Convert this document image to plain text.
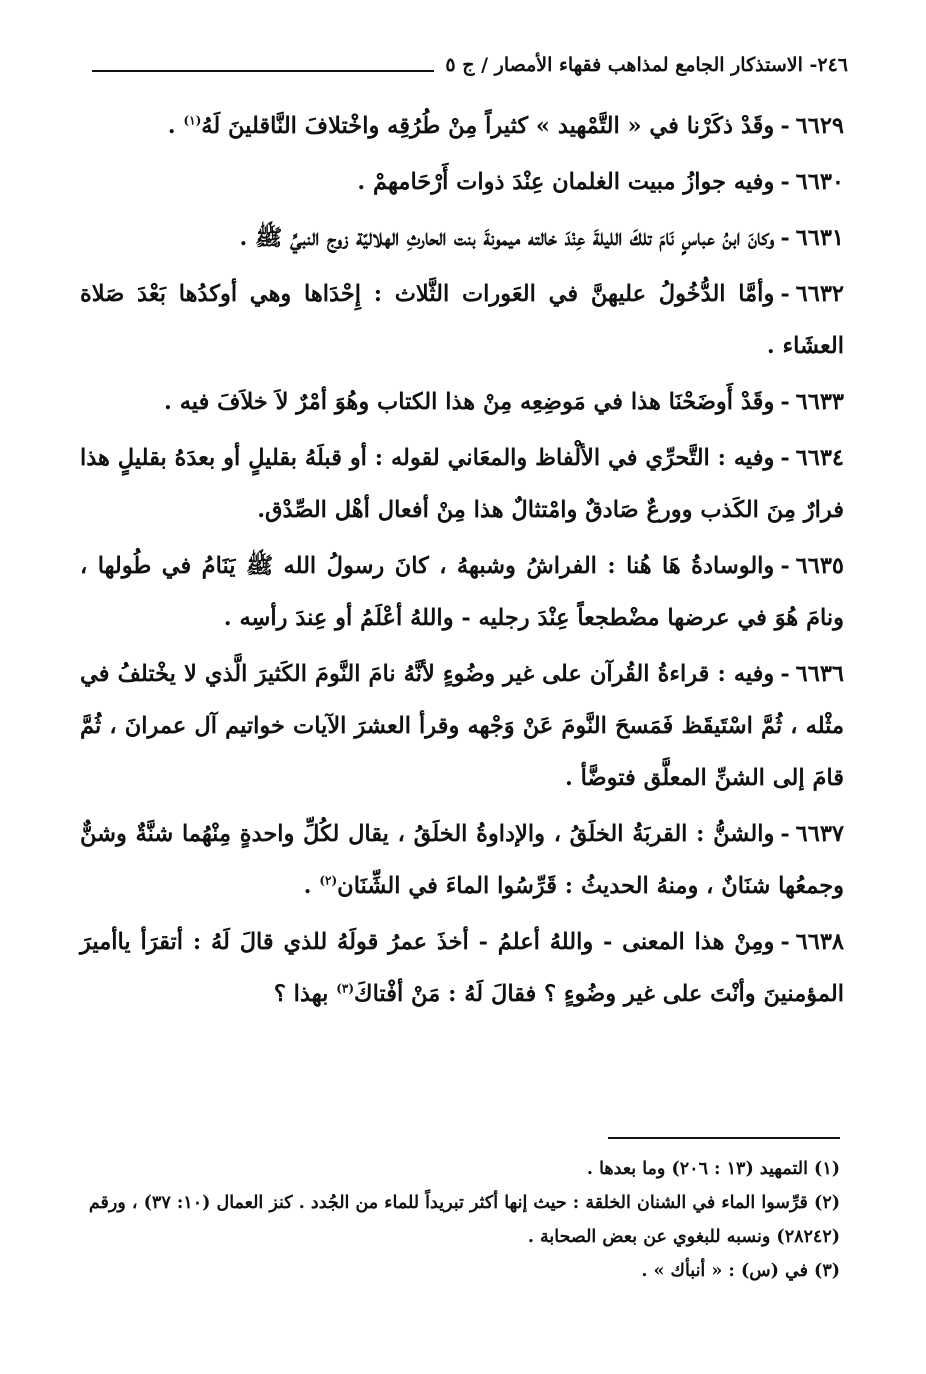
٢٤٦- الاستذكار الجامع لمذاهب فقهاء الأمصار / ج ٥

٦٦٢٩-وقَدْ ذكَرْنا في « التَّمْهيد » كثيراً مِنْ طُرُقِه واخْتلافَ النَّاقلينَ لَهُ$^{(١)}$ .

٦٦٣٠-وفيه جوازُ مبيت الغلمان عِنْدَ ذوات أَرْحَامهمْ .

٦٦٣١-وكانَ ابنُ عباسٍ نَامَ تلكَ الليلةَ عِنْدَ خالته ميمونةَ بنت الحارثِ الهلاليّة زوج النبيِّ ﷺ .

٦٦٣٢-وأمَّا الدُّخُولُ عليهنَّ في العَورات الثَّلاث : إِحْدَاها وهي أوكدُها بَعْدَ صَلاة العشَاء .

٦٦٣٣-وقَدْ أَوضَحْنَا هذا في مَوضِعِه مِنْ هذا الكتاب وهُوَ أمْرٌ لاَ خلاَفَ فيه .

٦٦٣٤-وفيه : التَّحرِّي في الألْفاظ والمعَاني لقوله : أو قبلَهُ بقليلٍ أو بعدَهُ بقليلٍ هذا فرارٌ مِنَ الكَذب وورعٌ صَادقٌ وامْتثالٌ هذا مِنْ أفعال أهْل الصِّدْق.

٦٦٣٥-والوسادةُ هَا هُنا : الفراشُ وشبههُ ، كانَ رسولُ الله ﷺ يَنَامُ في طُولها ، ونامَ هُوَ في عرضها مضْطجعاً عِنْدَ رجليه - واللهُ أعْلَمُ أو عِندَ رأسِه .

٦٦٣٦-وفيه : قراءةُ القُرآن على غير وضُوءٍ لأنَّهُ نامَ النَّومَ الكَثيرَ الَّذي لا يخْتلفُ في مثْله ، ثُمَّ اسْتَيقَظ فَمَسحَ النَّومَ عَنْ وَجْهه وقرأ العشرَ الآيات خواتيم آل عمرانَ ، ثُمَّ قامَ إلى الشنِّ المعلَّق فتوضَّأ .

٦٦٣٧-والشنُّ : القربَةُ الخلَقُ ، والإداوةُ الخلَقُ ، يقال لكُلِّ واحدةٍ مِنْهُما شنَّةٌ وشنٌّ وجمعُها شنَانٌ ، ومنهُ الحديثُ : قَرِّسُوا الماءَ في الشِّنَان$^{(٢)}$ .

٦٦٣٨-ومِنْ هذا المعنى - واللهُ أعلمُ - أخذَ عمرُ قولَهُ للذي قالَ لَهُ : أتقرَأ ياأميرَ المؤمنينَ وأنْتَ على غير وضُوءٍ ؟ فقالَ لَهُ : مَنْ أفْتاكَ$^{(٣)}$ بهذا ؟

(١) التمهيد (١٣ : ٢٠٦) وما بعدها .

(٢) قرِّسوا الماء في الشنان الخلقة : حيث إنها أكثر تبريداً للماء من الجُدد . كنز العمال (١٠: ٣٧) ، ورقم (٢٨٢٤٢) ونسبه للبغوي عن بعض الصحابة .

(٣) في (س) : « أنبأك » .
